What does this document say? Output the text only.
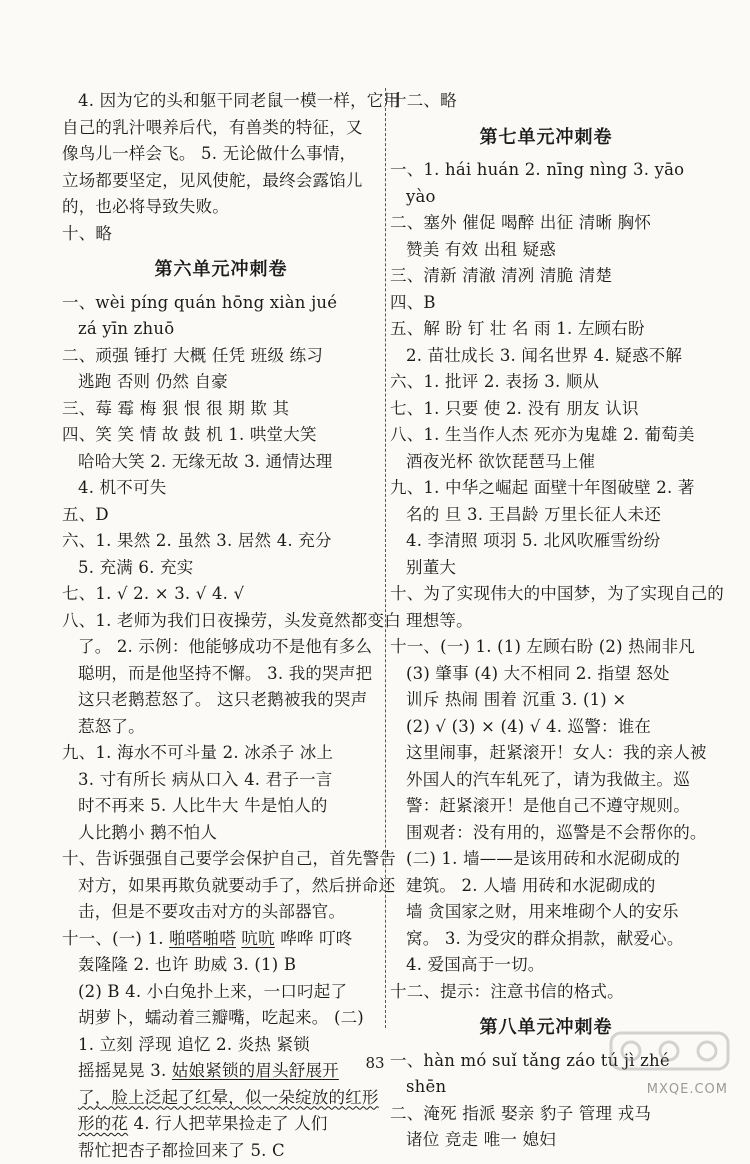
4. 因为它的头和躯干同老鼠一模一样，它用
自己的乳汁喂养后代，有兽类的特征，又
像鸟儿一样会飞。 5. 无论做什么事情，
立场都要坚定，见风使舵，最终会露馅儿
的，也必将导致失败。
十、略
第六单元冲刺卷
一、wèi píng quán hōng xiàn jué
zá yīn zhuō
二、顽强 锤打 大概 任凭 班级 练习
逃跑 否则 仍然 自豪
三、莓 霉 梅 狠 恨 很 期 欺 其
四、笑 笑 情 故 鼓 机 1. 哄堂大笑
哈哈大笑 2. 无缘无故 3. 通情达理
4. 机不可失
五、D
六、1. 果然 2. 虽然 3. 居然 4. 充分
5. 充满 6. 充实
七、1. √ 2. × 3. √ 4. √
八、1. 老师为我们日夜操劳，头发竟然都变白
了。 2. 示例：他能够成功不是他有多么
聪明，而是他坚持不懈。 3. 我的哭声把
这只老鹅惹怒了。 这只老鹅被我的哭声
惹怒了。
九、1. 海水不可斗量 2. 冰杀子 冰上
3. 寸有所长 病从口入 4. 君子一言
时不再来 5. 人比牛大 牛是怕人的
人比鹅小 鹅不怕人
十、告诉强强自己要学会保护自己，首先警告
对方，如果再欺负就要动手了，然后拼命还
击，但是不要攻击对方的头部器官。
十一、(一) 1. 啪嗒啪嗒 吭吭 哗哗 叮咚
轰隆隆 2. 也许 助威 3. (1) B
(2) B 4. 小白兔扑上来，一口叼起了
胡萝卜，蠕动着三瓣嘴，吃起来。 (二)
1. 立刻 浮现 追忆 2. 炎热 紧锁
摇摇晃晃 3. 姑娘紧锁的眉头舒展开
了，脸上泛起了红晕，似一朵绽放的红形
形的花 4. 行人把苹果捡走了 人们
帮忙把杏子都捡回来了 5. C
十二、略
第七单元冲刺卷
一、1. hái huán 2. nīng nìng 3. yāo
yào
二、塞外 催促 喝醉 出征 清晰 胸怀
赞美 有效 出租 疑惑
三、清新 清澈 清冽 清脆 清楚
四、B
五、解 盼 钉 壮 名 雨 1. 左顾右盼
2. 苗壮成长 3. 闻名世界 4. 疑惑不解
六、1. 批评 2. 表扬 3. 顺从
七、1. 只要 使 2. 没有 朋友 认识
八、1. 生当作人杰 死亦为鬼雄 2. 葡萄美
酒夜光杯 欲饮琵琶马上催
九、1. 中华之崛起 面壁十年图破壁 2. 著
名的 旦 3. 王昌龄 万里长征人未还
4. 李清照 项羽 5. 北风吹雁雪纷纷
别董大
十、为了实现伟大的中国梦，为了实现自己的
理想等。
十一、(一) 1. (1) 左顾右盼 (2) 热闹非凡
(3) 肇事 (4) 大不相同 2. 指望 怒处
训斥 热闹 围着 沉重 3. (1) ×
(2) √ (3) × (4) √ 4. 巡警：谁在
这里闹事，赶紧滚开！女人：我的亲人被
外国人的汽车轧死了，请为我做主。巡
警：赶紧滚开！是他自己不遵守规则。
围观者：没有用的，巡警是不会帮你的。
(二) 1. 墙——是该用砖和水泥砌成的
建筑。 2. 人墙 用砖和水泥砌成的
墙 贪国家之财，用来堆砌个人的安乐
窝。 3. 为受灾的群众捐款，献爱心。
4. 爱国高于一切。
十二、提示：注意书信的格式。
第八单元冲刺卷
一、hàn mó suǐ tǎng záo tú jì zhé
shēn
二、淹死 指派 娶亲 豹子 管理 戎马
诸位 竞走 唯一 媳妇
83
MXQE.COM
